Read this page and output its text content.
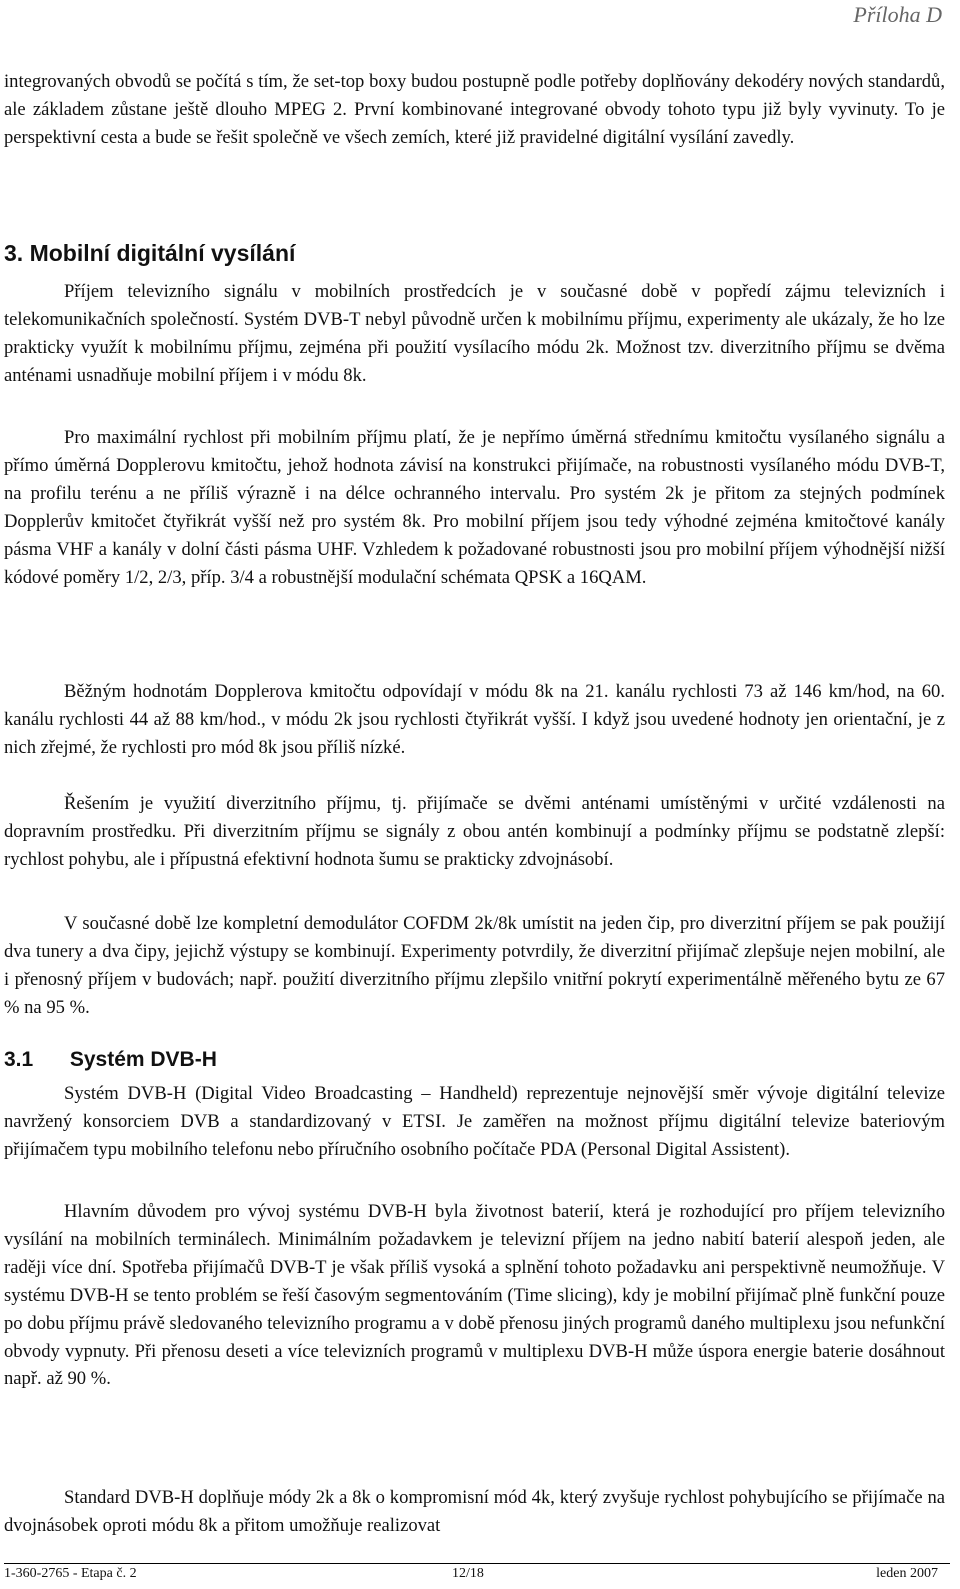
Příloha D

integrovaných obvodů se počítá s tím, že set-top boxy budou postupně podle potřeby doplňovány dekodéry nových standardů, ale základem zůstane ještě dlouho MPEG 2. První kombinované integrované obvody tohoto typu již byly vyvinuty. To je perspektivní cesta a bude se řešit společně ve všech zemích, které již pravidelné digitální vysílání zavedly.

3. Mobilní digitální vysílání

Příjem televizního signálu v mobilních prostředcích je v současné době v popředí zájmu televizních i telekomunikačních společností. Systém DVB-T nebyl původně určen k mobilnímu příjmu, experimenty ale ukázaly, že ho lze prakticky využít k mobilnímu příjmu, zejména při použití vysílacího módu 2k. Možnost tzv. diverzitního příjmu se dvěma anténami usnadňuje mobilní příjem i v módu 8k.

Pro maximální rychlost při mobilním příjmu platí, že je nepřímo úměrná střednímu kmitočtu vysílaného signálu a přímo úměrná Dopplerovu kmitočtu, jehož hodnota závisí na konstrukci přijímače, na robustnosti vysílaného módu DVB-T, na profilu terénu a ne příliš výrazně i na délce ochranného intervalu. Pro systém 2k je přitom za stejných podmínek Dopplerův kmitočet čtyřikrát vyšší než pro systém 8k. Pro mobilní příjem jsou tedy výhodné zejména kmitočtové kanály pásma VHF a kanály v dolní části pásma UHF. Vzhledem k požadované robustnosti jsou pro mobilní příjem výhodnější nižší kódové poměry 1/2, 2/3, příp. 3/4 a robustnější modulační schémata QPSK a 16QAM.

Běžným hodnotám Dopplerova kmitočtu odpovídají v módu 8k na 21. kanálu rychlosti 73 až 146 km/hod, na 60. kanálu rychlosti 44 až 88 km/hod., v módu 2k jsou rychlosti čtyřikrát vyšší. I když jsou uvedené hodnoty jen orientační, je z nich zřejmé, že rychlosti pro mód 8k jsou příliš nízké.

Řešením je využití diverzitního příjmu, tj. přijímače se dvěmi anténami umístěnými v určité vzdálenosti na dopravním prostředku. Při diverzitním příjmu se signály z obou antén kombinují a podmínky příjmu se podstatně zlepší: rychlost pohybu, ale i přípustná efektivní hodnota šumu se prakticky zdvojnásobí.

V současné době lze kompletní demodulátor COFDM 2k/8k umístit na jeden čip, pro diverzitní příjem se pak použijí dva tunery a dva čipy, jejichž výstupy se kombinují. Experimenty potvrdily, že diverzitní přijímač zlepšuje nejen mobilní, ale i přenosný příjem v budovách; např. použití diverzitního příjmu zlepšilo vnitřní pokrytí experimentálně měřeného bytu ze 67 % na 95 %.

3.1 Systém DVB-H

Systém DVB-H (Digital Video Broadcasting – Handheld) reprezentuje nejnovější směr vývoje digitální televize navržený konsorciem DVB a standardizovaný v ETSI. Je zaměřen na možnost příjmu digitální televize bateriovým přijímačem typu mobilního telefonu nebo příručního osobního počítače PDA (Personal Digital Assistent).

Hlavním důvodem pro vývoj systému DVB-H byla životnost baterií, která je rozhodující pro příjem televizního vysílání na mobilních terminálech. Minimálním požadavkem je televizní příjem na jedno nabití baterií alespoň jeden, ale raději více dní. Spotřeba přijímačů DVB-T je však příliš vysoká a splnění tohoto požadavku ani perspektivně neumožňuje. V systému DVB-H se tento problém se řeší časovým segmentováním (Time slicing), kdy je mobilní přijímač plně funkční pouze po dobu příjmu právě sledovaného televizního programu a v době přenosu jiných programů daného multiplexu jsou nefunkční obvody vypnuty. Při přenosu deseti a více televizních programů v multiplexu DVB-H může úspora energie baterie dosáhnout např. až 90 %.

Standard DVB-H doplňuje módy 2k a 8k o kompromisní mód 4k, který zvyšuje rychlost pohybujícího se přijímače na dvojnásobek oproti módu 8k a přitom umožňuje realizovat

1-360-2765 - Etapa č. 2	12/18	leden 2007
